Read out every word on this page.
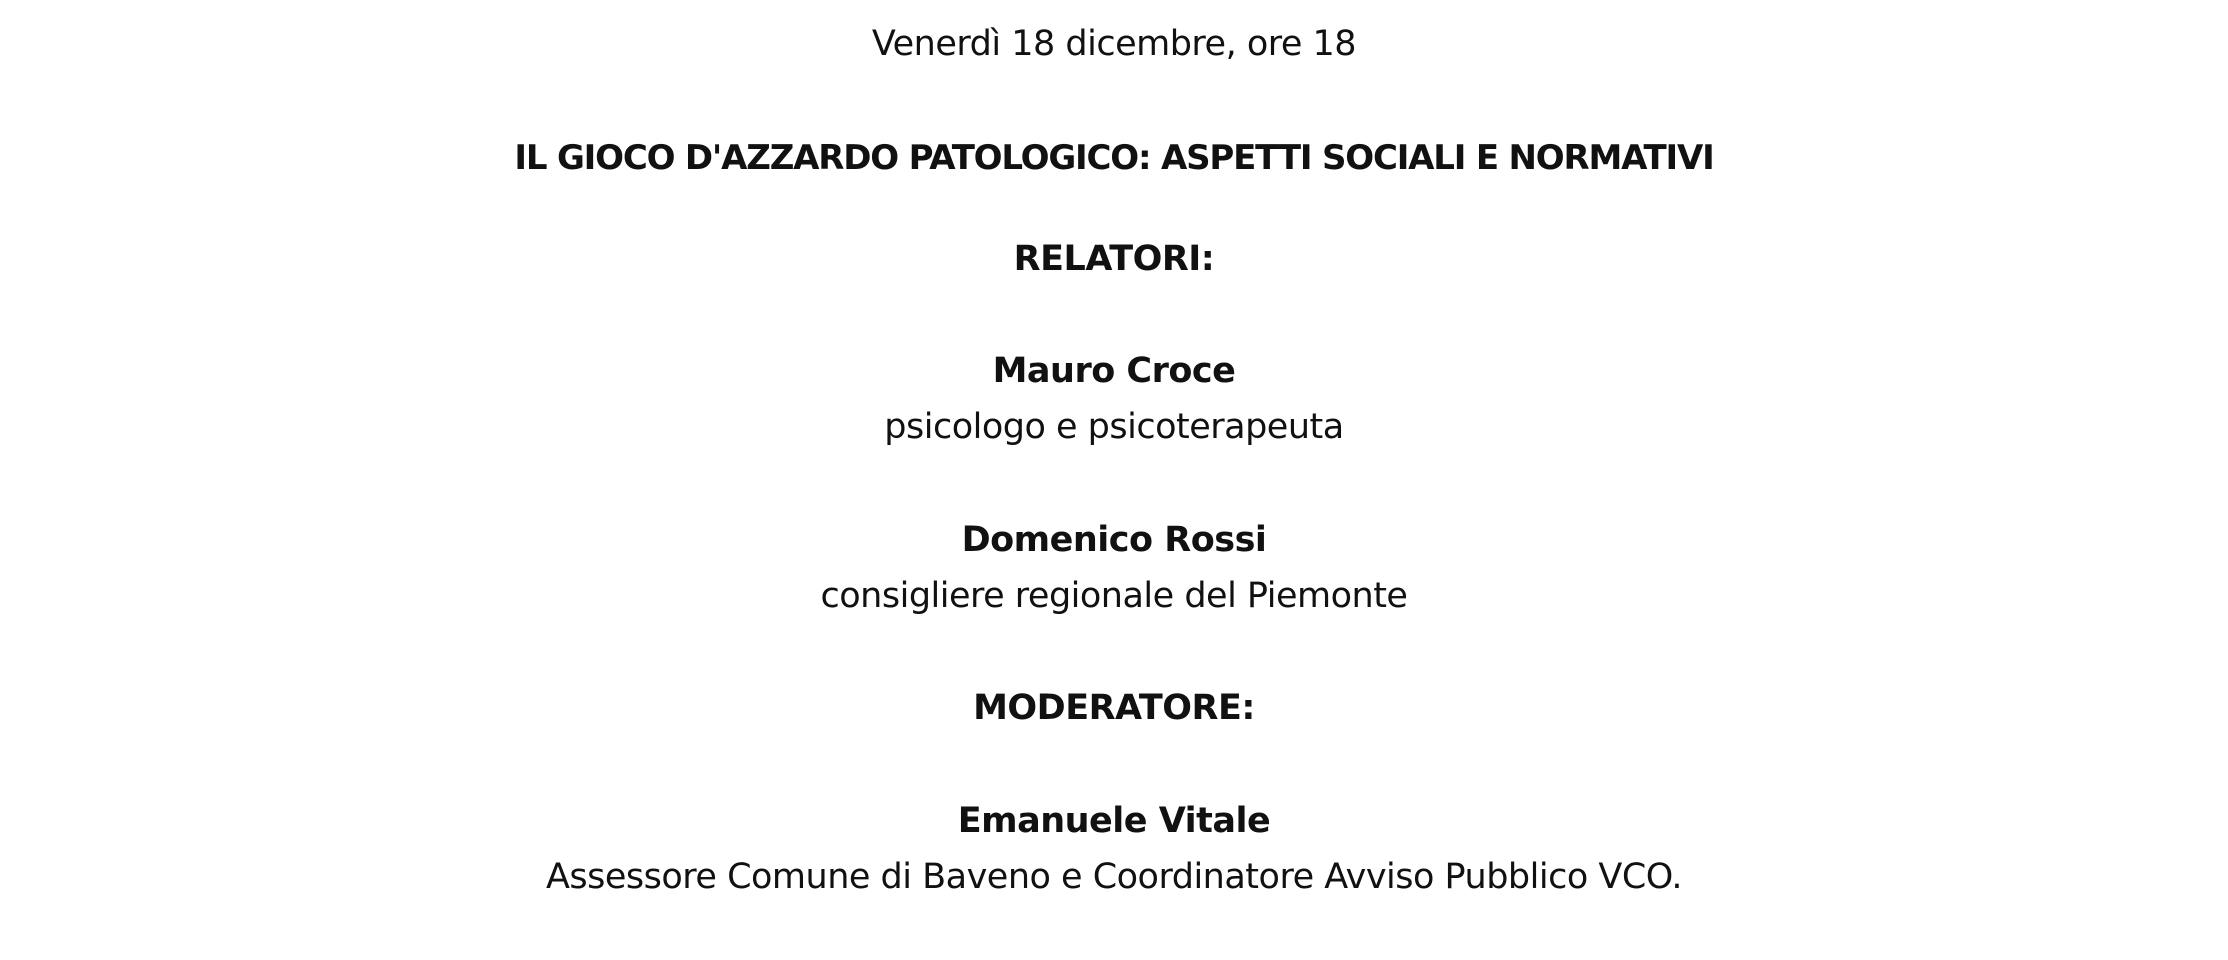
Venerdì 18 dicembre, ore 18
IL GIOCO D'AZZARDO PATOLOGICO: ASPETTI SOCIALI E NORMATIVI
RELATORI:
Mauro Croce
psicologo e psicoterapeuta
Domenico Rossi
consigliere regionale del Piemonte
MODERATORE:
Emanuele Vitale
Assessore Comune di Baveno e Coordinatore Avviso Pubblico VCO.
